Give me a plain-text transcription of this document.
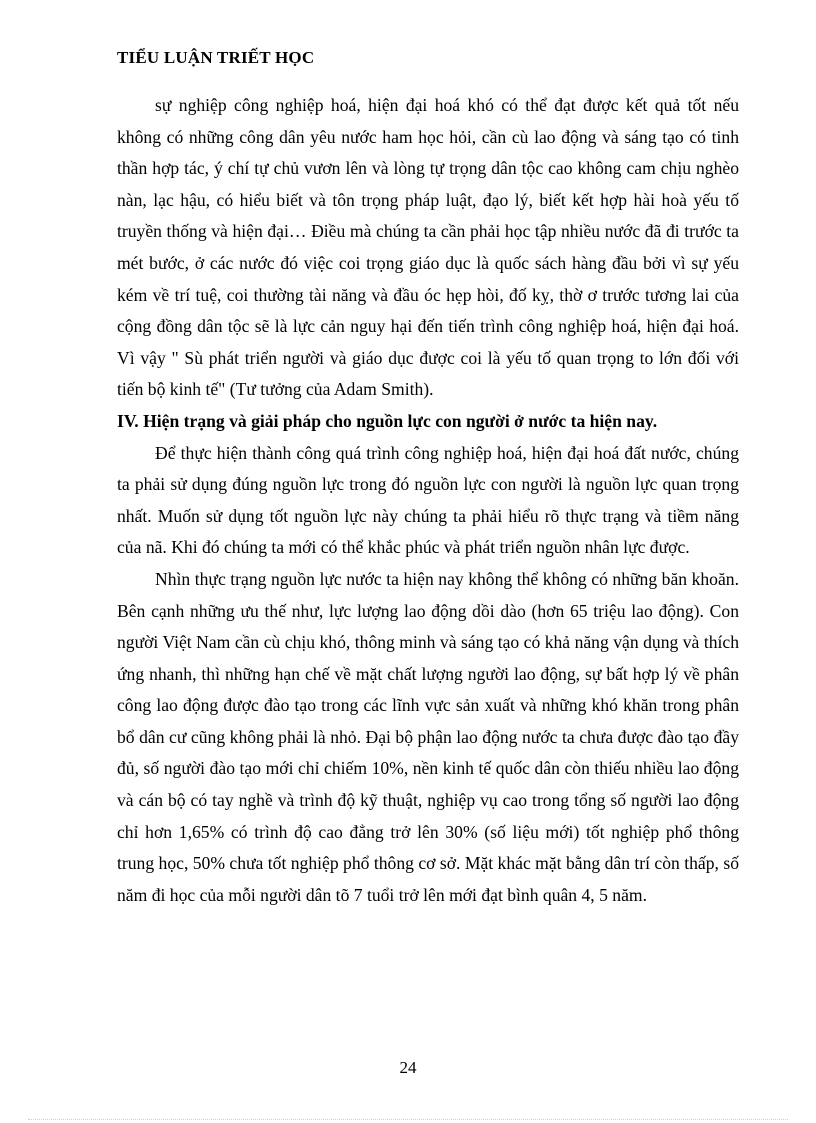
TIỂU LUẬN TRIẾT HỌC

sự nghiệp công nghiệp hoá, hiện đại hoá khó có thể đạt được kết quả tốt nếu không có những công dân yêu nước ham học hỏi, cần cù lao động và sáng tạo có tinh thần hợp tác, ý chí tự chủ vươn lên và lòng tự trọng dân tộc cao không cam chịu nghèo nàn, lạc hậu, có hiểu biết và tôn trọng pháp luật, đạo lý, biết kết hợp hài hoà yếu tố truyền thống và hiện đại… Điều mà chúng ta cần phải học tập nhiều nước đã đi trước ta mét bước, ở các nước đó việc coi trọng giáo dục là quốc sách hàng đầu bởi vì sự yếu kém về trí tuệ, coi thường tài năng và đầu óc hẹp hòi, đố kỵ, thờ ơ trước tương lai của cộng đồng dân tộc sẽ là lực cản nguy hại đến tiến trình công nghiệp hoá, hiện đại hoá. Vì vậy " Sù phát triển người và giáo dục được coi là yếu tố quan trọng to lớn đối với tiến bộ kinh tế" (Tư tưởng của Adam Smith).

IV. Hiện trạng và giải pháp cho nguồn lực con người ở nước ta hiện nay.

Để thực hiện thành công quá trình công nghiệp hoá, hiện đại hoá đất nước, chúng ta phải sử dụng đúng nguồn lực trong đó nguồn lực con người là nguồn lực quan trọng nhất. Muốn sử dụng tốt nguồn lực này chúng ta phải hiểu rõ thực trạng và tiềm năng của nã. Khi đó chúng ta mới có thể khắc phúc và phát triển nguồn nhân lực được.

Nhìn thực trạng nguồn lực nước ta hiện nay không thể không có những băn khoăn. Bên cạnh những ưu thế như, lực lượng lao động dồi dào (hơn 65 triệu lao động). Con người Việt Nam cần cù chịu khó, thông minh và sáng tạo có khả năng vận dụng và thích ứng nhanh, thì những hạn chế về mặt chất lượng người lao động, sự bất hợp lý về phân công lao động được đào tạo trong các lĩnh vực sản xuất và những khó khăn trong phân bổ dân cư cũng không phải là nhỏ. Đại bộ phận lao động nước ta chưa được đào tạo đầy đủ, số người đào tạo mới chỉ chiếm 10%, nền kinh tế quốc dân còn thiếu nhiều lao động và cán bộ có tay nghề và trình độ kỹ thuật, nghiệp vụ cao trong tổng số người lao động chỉ hơn 1,65% có trình độ cao đẳng trở lên 30% (số liệu mới) tốt nghiệp phổ thông trung học, 50% chưa tốt nghiệp phổ thông cơ sở. Mặt khác mặt bằng dân trí còn thấp, số năm đi học của mỗi người dân tõ 7 tuổi trở lên mới đạt bình quân 4, 5 năm.

24
